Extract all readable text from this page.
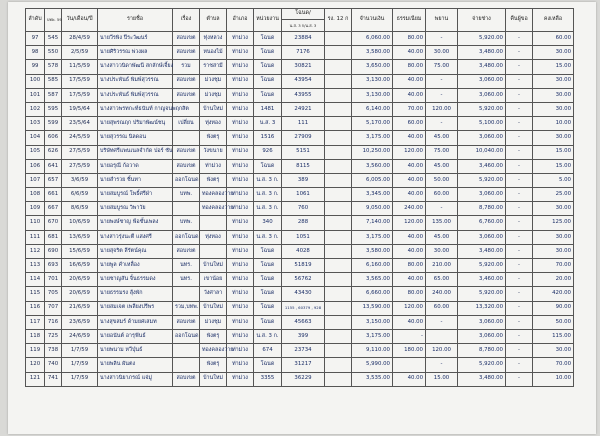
ลำดับ	บทพ. 59	วัน/เดือน/ปี	รายชื่อ	เรื่อง	ตำบล	อำเภอ	หน่วยงาน	โฉนด/	รง. 12 ก	จำนวนเงิน	ธรรมเนียม	พยาน	จ่ายช่าง	คืนผู้ขอ	คงเหลือ
								น.ส. 3 ก/น.ส. 3							
97	545	28/4/59	นายวีรพิง ปีระวัฒนร์	สอบเขต	ทุ่งหลวง	ท่าม่วง	โฉนด	23884		6,060.00	80.00	-	5,920.00	-	60.00
98	550	2/5/59	นายศิริวรรณ พ่วงผล	สอบเขต	หนองไม้	ท่าม่วง	โฉนด	7176		3,580.00	40.00	30.00	3,480.00	-	30.00
99	578	11/5/59	นางสาววนิดาพัฒนี สกลักษ์เจี้ยง	รวม	ราชสามี	ท่าม่วง	โฉนด	30821		3,650.00	80.00	75.00	3,480.00	-	15.00
100	585	17/5/59	นางประพันธ์ พิมพ์สุวรรณ	สอบเขต	ม่วงชุม	ท่าม่วง	โฉนด	43954		3,130.00	40.00	-	3,060.00	-	30.00
101	587	17/5/59	นางประพันธ์ พิมพ์สุวรรณ	สอบเขต	ม่วงชุม	ท่าม่วง	โฉนด	43955		3,130.00	40.00	-	3,060.00	-	30.00
102	595	19/5/64	นางสาวพรทกะท์ธนันท์ กาญจนพฤกสิต		บ้านใหม่	ท่าม่วง	1481	24921		6,140.00	70.00	120.00	5,920.00	-	30.00
103	599	23/5/64	นายสุพรณฤก ปริมาพัฒน์ชนุ	เปลี่ยน	ทุ่งทอง	ท่าม่วง	น.ส. 3	111		5,170.00	60.00	-	5,100.00	-	10.00
104	606	24/5/59	นายสุวรรณ นิลดอน		พังตรุ	ท่าม่วง	1516	27909		3,175.00	40.00	45.00	3,060.00	-	30.00
105	626	27/5/59	บริษัทศรีแพนเนลจำกัด ปอร์ ชัน	สอบเขต	วังขนาย	ท่าม่วง	926	5151		10,250.00	120.00	75.00	10,040.00	-	15.00
106	641	27/5/59	นายอรุณี ก้อวาด	สอบเขต	ท่าม่วง	ท่าม่วง	โฉนด	8115		3,560.00	40.00	45.00	3,460.00	-	15.00
107	657	3/6/59	นายสำรวย ชิ้นทา	ออกโฉนด	พังตรุ	ท่าม่วง	น.ส. 3 ก.	389		6,005.00	40.00	50.00	5,920.00	-	5.00
108	661	6/6/59	นายสมบูรณ์ โพธิ์ศรีฝ่า	บทพ.	ทองคลองวาย	ท่าม่วง	น.ส. 3 ก.	1061		3,345.00	40.00	60.00	3,060.00	-	25.00
109	667	8/6/59	นายสมบูรณ วิพาวัย		ทองคลองวาย	ท่าม่วง	น.ส. 3 ก.	760		9,050.00	240.00	-	8,780.00	-	30.00
110	670	10/6/59	นายพงษ์ชาญ ฟ้อชั้นเพลง	บทพ.		ท่าม่วง	340	288		7,140.00	120.00	135.00	6,760.00	-	125.00
111	681	13/6/59	นางสาวรุ่งนะตี แสงศรี	ออกโฉนด	ทุ่งทอง	ท่าม่วง	น.ส. 3 ก.	1051		3,175.00	40.00	45.00	3,060.00	-	30.00
112	690	15/6/59	นายสุจริต ลีรัตน์คุณ	สอบเขต		ท่าม่วง	โฉนด	4028		3,580.00	40.00	30.00	3,480.00	-	30.00
113	693	16/6/59	นายพูล คำเหลื่อง	นทร.	บ้านใหม่	ท่าม่วง	โฉนด	51819		6,160.00	80.00	210.00	5,920.00	-	70.00
114	701	20/6/59	นายชาญสัน จิ้นธรรมดง	นทร.	เขาน้อย	ท่าม่วง	โฉนด	56762		3,565.00	40.00	65.00	3,460.00	-	20.00
115	705	20/6/59	นายธรรมรง สุ้งพัก		วังศาลา	ท่าม่วง	โฉนด	43430		6,660.00	80.00	240.00	5,920.00	-	420.00
116	707	21/6/59	นายสมเจต เพลียงปรีพร	รวม,บทพ.	บ้านใหม่	ท่าม่วง	โฉนด	1155 , 60379 , 928		13,590.00	120.00	60.00	13,320.00	-	90.00
117	716	23/6/59	นางสุขสมร์ ด้ามยศเสมท	สอบเขต	ม่วงชุม	ท่าม่วง	โฉนด	45663		3,150.00	40.00	-	3,060.00	-	50.00
118	725	24/6/59	นายอนันต์ อารุฟันธ์	ออกโฉนด	พังตรุ	ท่าม่วง	น.ส. 3 ก.	399		3,175.00	-		3,060.00	-	115.00
119	738	1/7/59	นายพนาม หวีปุ่นธ์		ทองคลองวาย	ท่าม่วง	674	23734		9,110.00	180.00	120.00	8,780.00	-	30.00
120	740	1/7/59	นายพลิน ผันตง		พังตรุ	ท่าม่วง	โฉนด	31217		5,990.00		-	5,920.00	-	70.00
121	741	1/7/59	นางสาวนิยาภรณ์ แจ่มู่	สอบเขต	บ้านใหม่	ท่าม่วง	3355	36229		3,535.00	40.00	15.00	3,480.00	-	10.00
